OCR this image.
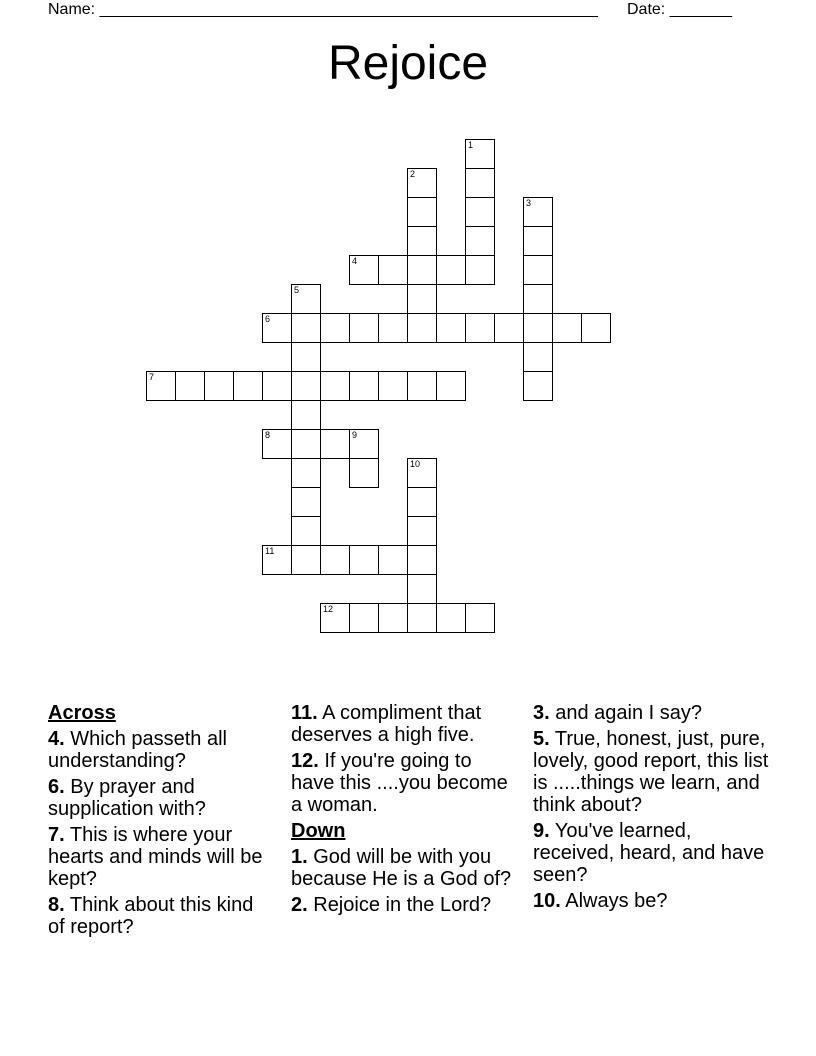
Name: ________________________________________________________ Date: _______
Rejoice
1
2
3
4
5
6
7
8	9
10
11
12
Across
4. Which passeth all understanding?
6. By prayer and supplication with?
7. This is where your hearts and minds will be kept?
8. Think about this kind of report?
11. A compliment that deserves a high five.
12. If you're going to have this ....you become a woman.
Down
1. God will be with you because He is a God of?
2. Rejoice in the Lord?
3. and again I say?
5. True, honest, just, pure, lovely, good report, this list is .....things we learn, and think about?
9. You've learned, received, heard, and have seen?
10. Always be?
